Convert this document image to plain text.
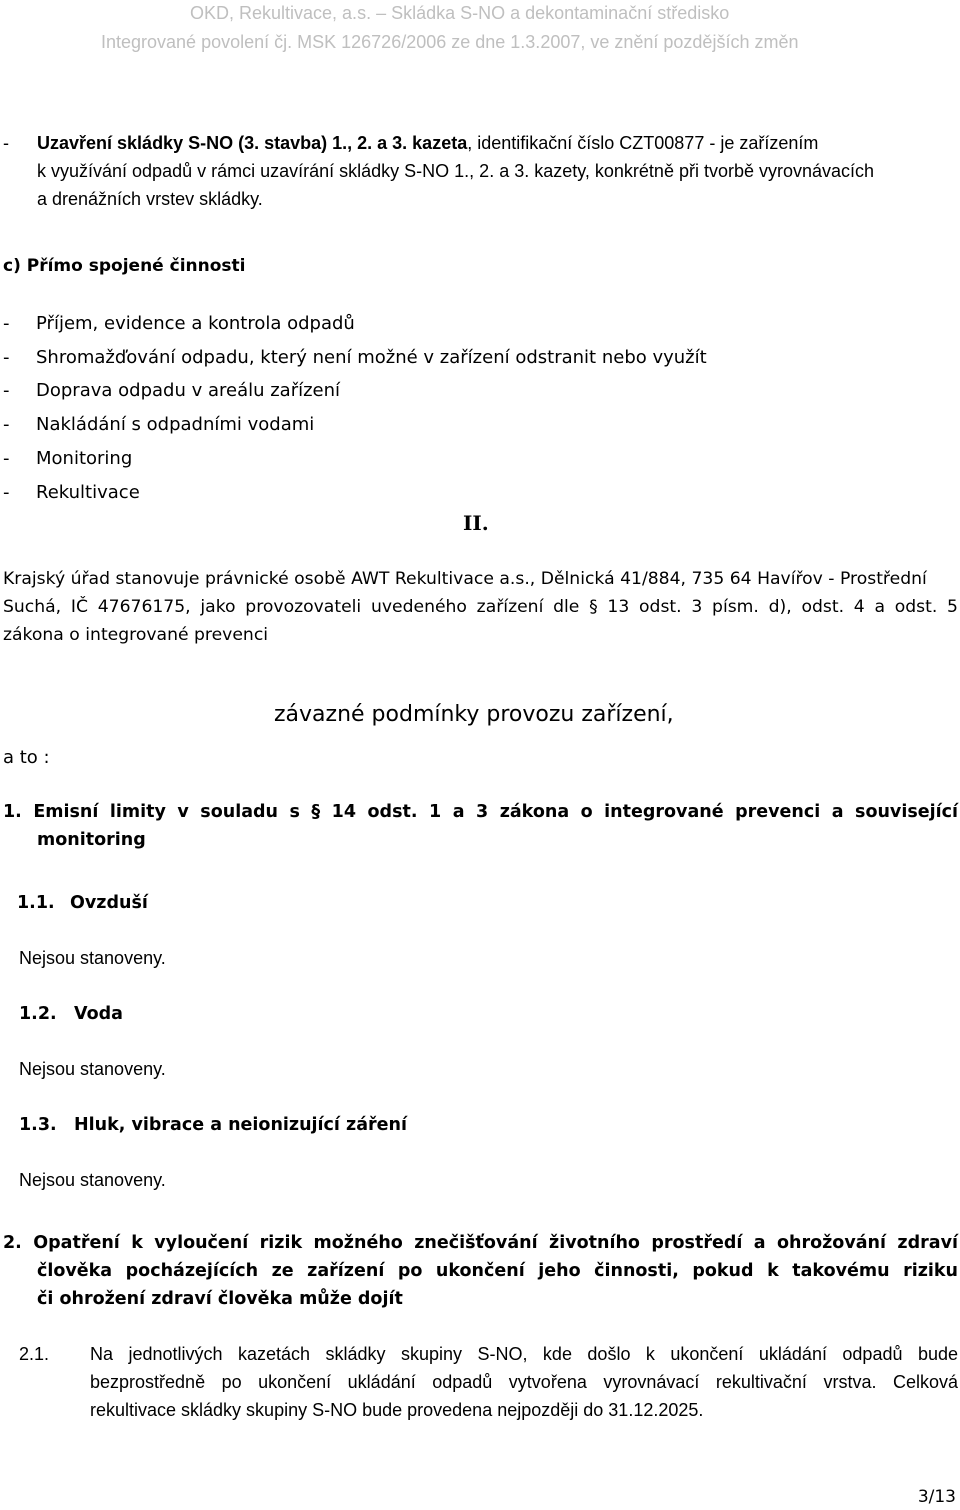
OKD, Rekultivace, a.s. – Skládka S-NO a dekontaminační středisko
Integrované povolení čj. MSK 126726/2006 ze dne 1.3.2007, ve znění pozdějších změn
- Uzavření skládky S-NO (3. stavba) 1., 2. a 3. kazeta, identifikační číslo CZT00877 - je zařízením
k využívání odpadů v rámci uzavírání skládky S-NO 1., 2. a 3. kazety, konkrétně při tvorbě vyrovnávacích
a drenážních vrstev skládky.
c) Přímo spojené činnosti
- Příjem, evidence a kontrola odpadů
- Shromažďování odpadu, který není možné v zařízení odstranit nebo využít
- Doprava odpadu v areálu zařízení
- Nakládání s odpadními vodami
- Monitoring
- Rekultivace
II.
Krajský úřad stanovuje právnické osobě AWT Rekultivace a.s., Dělnická 41/884, 735 64 Havířov - Prostřední
Suchá, IČ 47676175, jako provozovateli uvedeného zařízení dle § 13 odst. 3 písm. d), odst. 4 a odst. 5
zákona o integrované prevenci
závazné podmínky provozu zařízení,
a to :
1. Emisní limity v souladu s § 14 odst. 1 a 3 zákona o integrované prevenci a související
monitoring
1.1. Ovzduší
Nejsou stanoveny.
1.2. Voda
Nejsou stanoveny.
1.3. Hluk, vibrace a neionizující záření
Nejsou stanoveny.
2. Opatření k vyloučení rizik možného znečišťování životního prostředí a ohrožování zdraví
člověka pocházejících ze zařízení po ukončení jeho činnosti, pokud k takovému riziku
či ohrožení zdraví člověka může dojít
2.1. Na jednotlivých kazetách skládky skupiny S-NO, kde došlo k ukončení ukládání odpadů bude
bezprostředně po ukončení ukládání odpadů vytvořena vyrovnávací rekultivační vrstva. Celková
rekultivace skládky skupiny S-NO bude provedena nejpozději do 31.12.2025.
3/13
